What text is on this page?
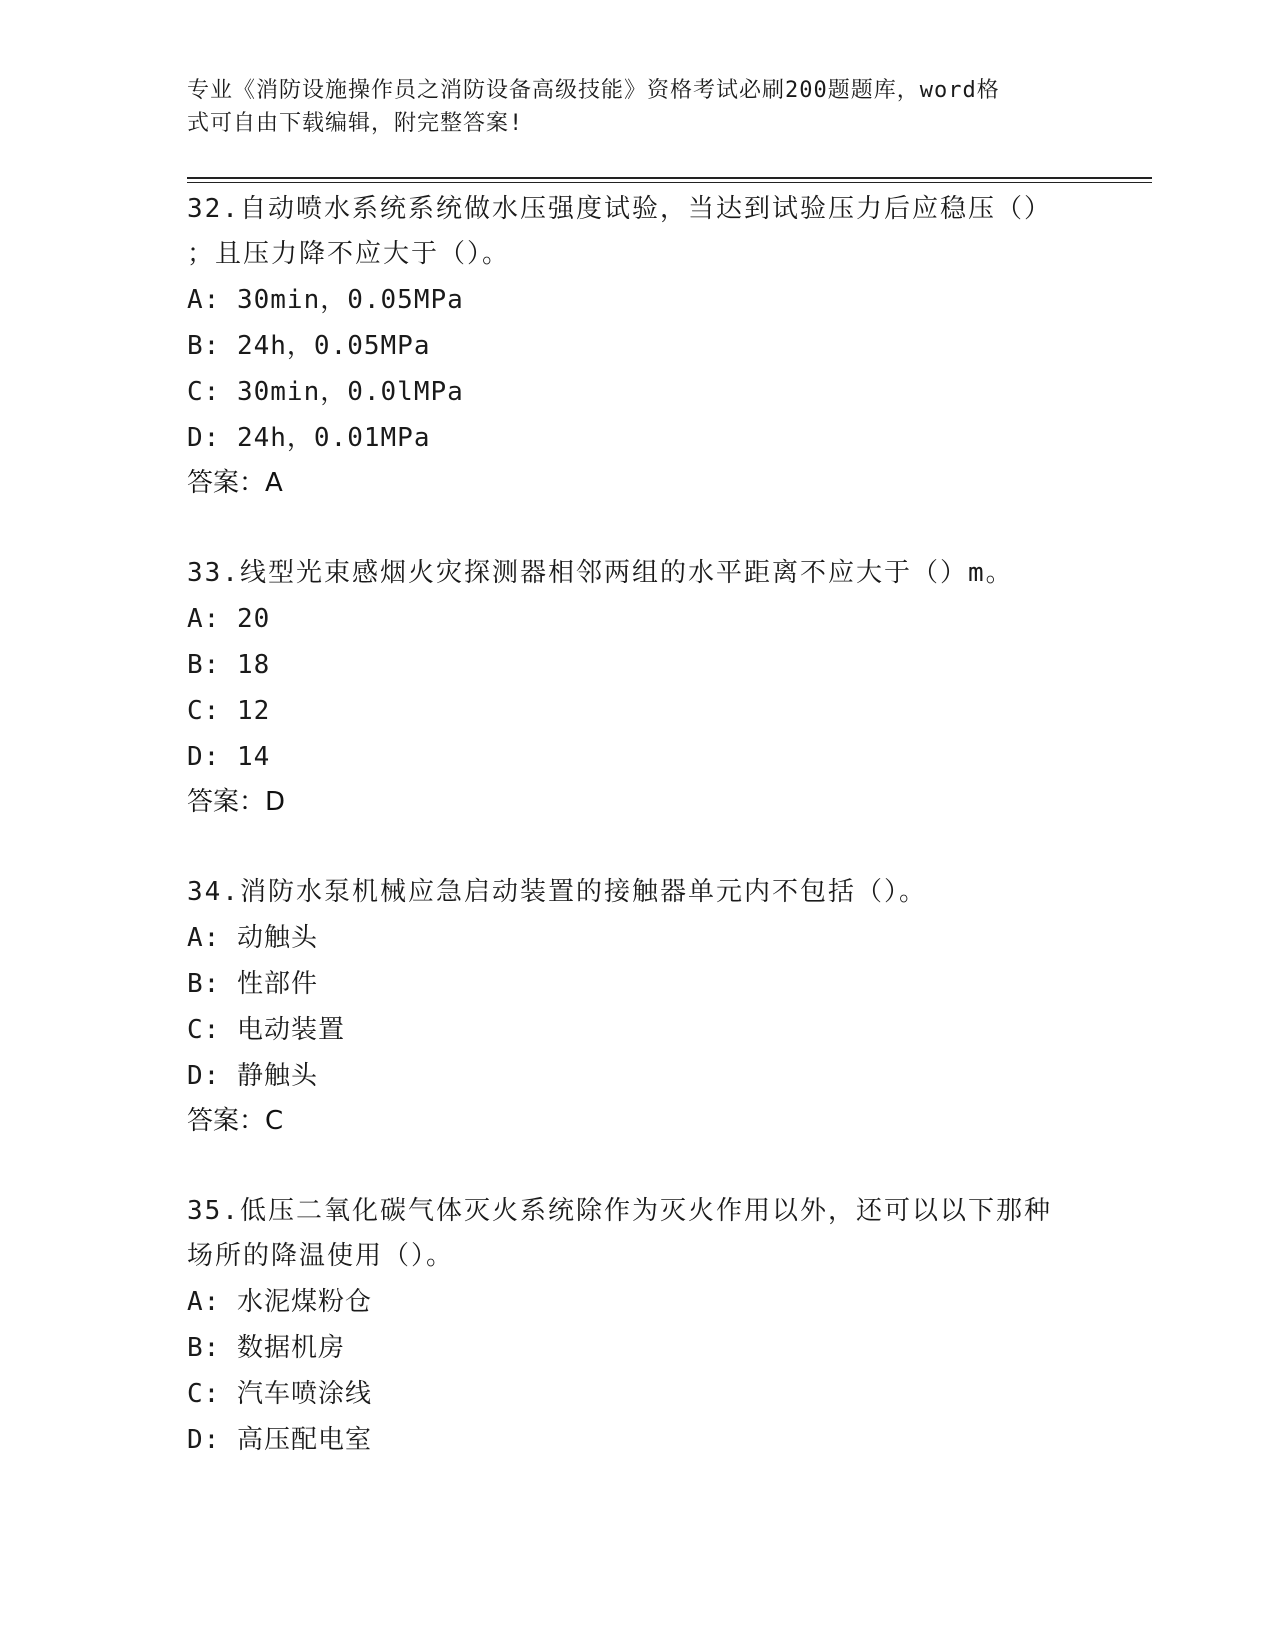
专业《消防设施操作员之消防设备高级技能》资格考试必刷200题题库，word格
式可自由下载编辑，附完整答案!
32.自动喷水系统系统做水压强度试验，当达到试验压力后应稳压（）
；且压力降不应大于（）。
A: 30min，0.05MPa
B: 24h，0.05MPa
C: 30min，0.0lMPa
D: 24h，0.01MPa
答案：A
33.线型光束感烟火灾探测器相邻两组的水平距离不应大于（）m。
A: 20
B: 18
C: 12
D: 14
答案：D
34.消防水泵机械应急启动装置的接触器单元内不包括（）。
A: 动触头
B: 性部件
C: 电动装置
D: 静触头
答案：C
35.低压二氧化碳气体灭火系统除作为灭火作用以外，还可以以下那种
场所的降温使用（）。
A: 水泥煤粉仓
B: 数据机房
C: 汽车喷涂线
D: 高压配电室
